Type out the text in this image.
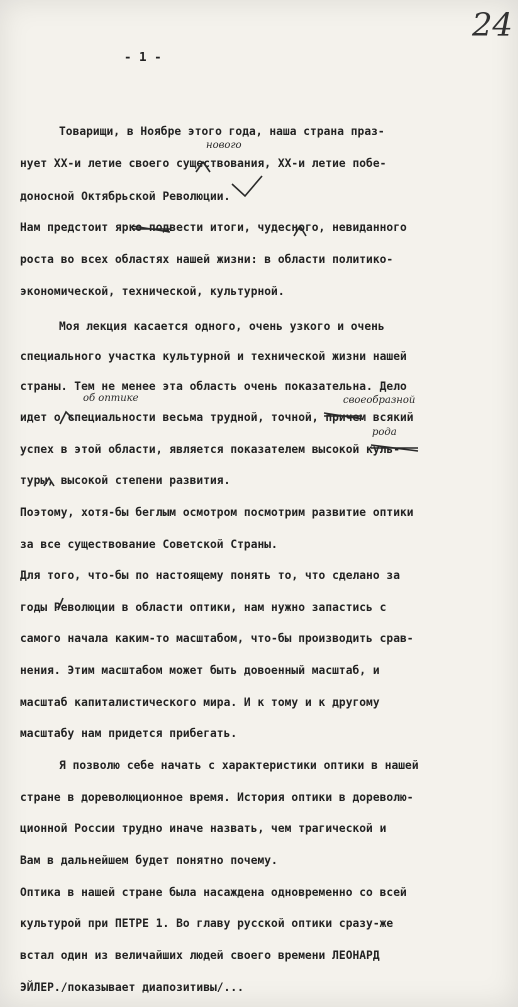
24
- 1 -
Товарищи, в Ноябре этого года, наша страна праз-
нует XX-и летие своего существования, XX-и летие побе-
доносной Октябрьской Революции.
Нам предстоит ярко подвести итоги, чудесного, невиданного
роста во всех областях нашей жизни: в области политико-
экономической, технической, культурной.
Моя лекция касается одного, очень узкого и очень
специального участка культурной и технической жизни нашей
страны. Тем не менее эта область очень показательна. Дело
идет о специальности весьма трудной, точной, причем всякий
успех в этой области, является показателем высокой куль-
туры, высокой степени развития.
Поэтому, хотя-бы беглым осмотром посмотрим развитие оптики
за все существование Советской Страны.
Для того, что-бы по настоящему понять то, что сделано за
годы Революции в области оптики, нам нужно запастись с
самого начала каким-то масштабом, что-бы производить срав-
нения. Этим масштабом может быть довоенный масштаб, и
масштаб капиталистического мира. И к тому и к другому
масштабу нам придется прибегать.
Я позволю себе начать с характеристики оптики в нашей
стране в дореволюционное время. История оптики в дореволю-
ционной России трудно иначе назвать, чем трагической и
Вам в дальнейшем будет понятно почему.
Оптика в нашей стране была насаждена одновременно со всей
культурой при ПЕТРЕ 1. Во главу русской оптики сразу-же
встал один из величайших людей своего времени ЛЕОНАРД
ЭЙЛЕР./показывает диапозитивы/...
нового
об оптике	своеобразной
рода
